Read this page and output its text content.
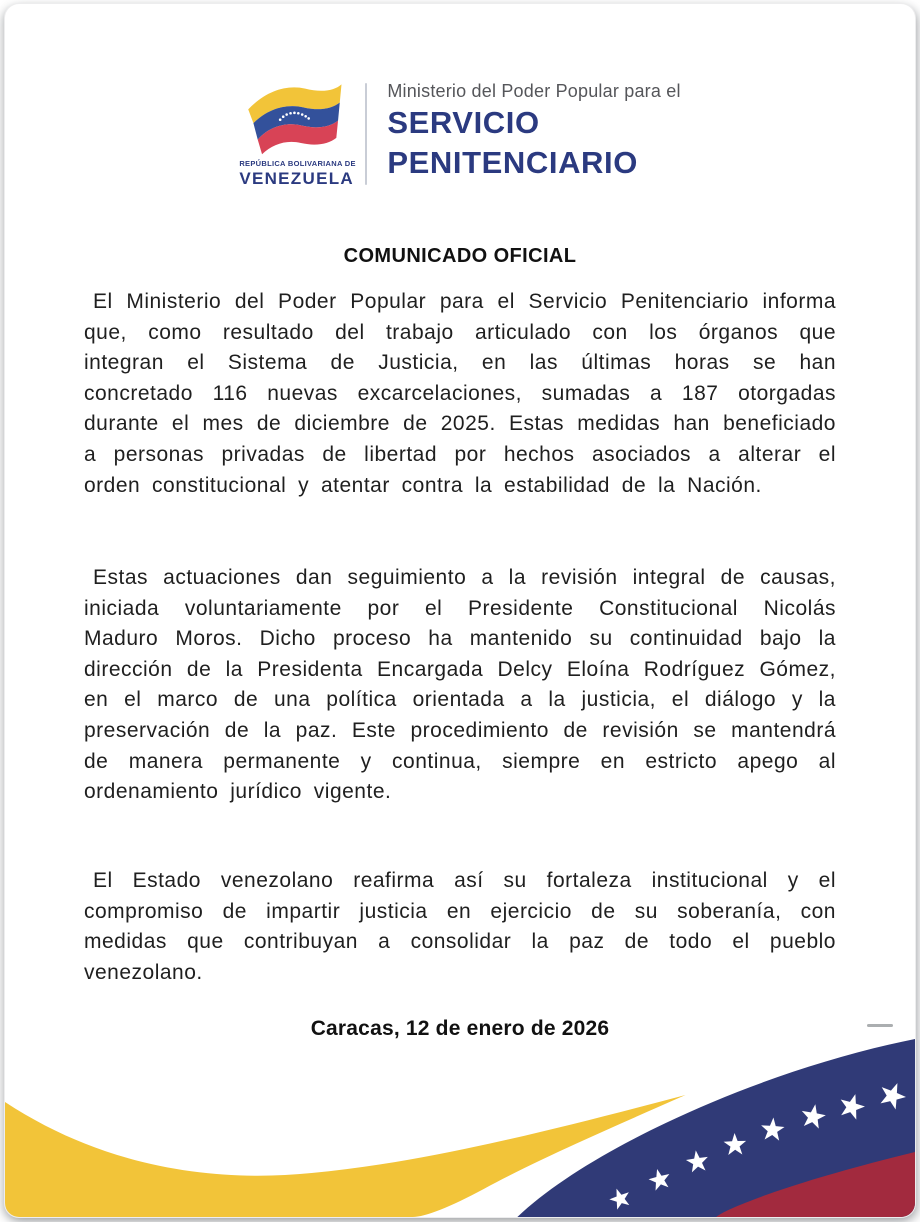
REPÚBLICA BOLIVARIANA DE
VENEZUELA
Ministerio del Poder Popular para el
SERVICIO
PENITENCIARIO
COMUNICADO OFICIAL

El Ministerio del Poder Popular para el Servicio Penitenciario informa que, como resultado del trabajo articulado con los órganos que integran el Sistema de Justicia, en las últimas horas se han concretado 116 nuevas excarcelaciones, sumadas a 187 otorgadas durante el mes de diciembre de 2025. Estas medidas han beneficiado a personas privadas de libertad por hechos asociados a alterar el orden constitucional y atentar contra la estabilidad de la Nación.

Estas actuaciones dan seguimiento a la revisión integral de causas, iniciada voluntariamente por el Presidente Constitucional Nicolás Maduro Moros. Dicho proceso ha mantenido su continuidad bajo la dirección de la Presidenta Encargada Delcy Eloína Rodríguez Gómez, en el marco de una política orientada a la justicia, el diálogo y la preservación de la paz. Este procedimiento de revisión se mantendrá de manera permanente y continua, siempre en estricto apego al ordenamiento jurídico vigente.

El Estado venezolano reafirma así su fortaleza institucional y el compromiso de impartir justicia en ejercicio de su soberanía, con medidas que contribuyan a consolidar la paz de todo el pueblo venezolano.

Caracas, 12 de enero de 2026
